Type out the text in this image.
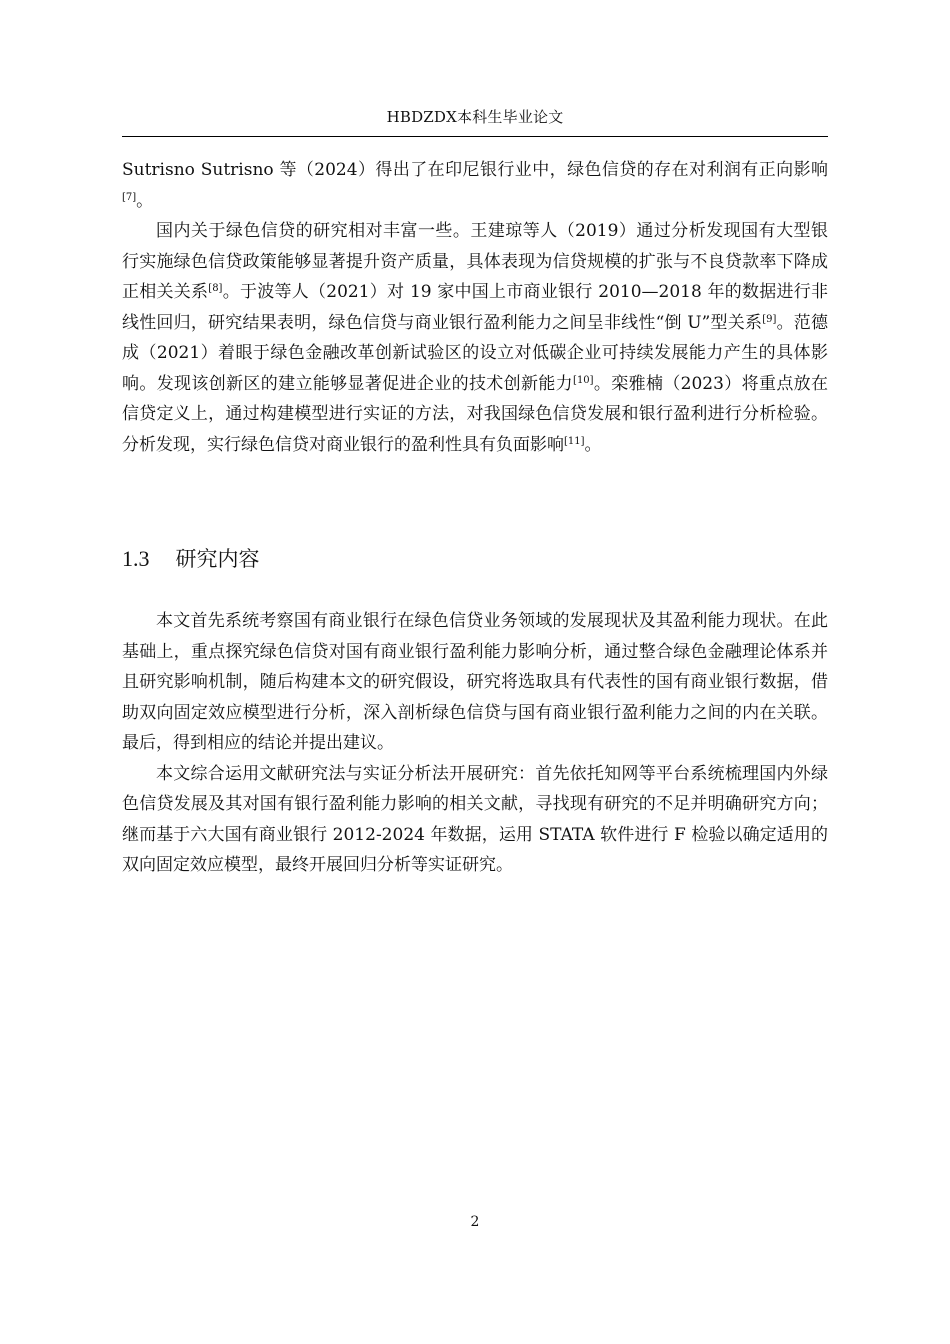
HBDZDX本科生毕业论文

Sutrisno Sutrisno 等（2024）得出了在印尼银行业中，绿色信贷的存在对利润有正向影响[7]。

国内关于绿色信贷的研究相对丰富一些。王建琼等人（2019）通过分析发现国有大型银行实施绿色信贷政策能够显著提升资产质量，具体表现为信贷规模的扩张与不良贷款率下降成正相关关系[8]。于波等人（2021）对 19 家中国上市商业银行 2010—2018 年的数据进行非线性回归，研究结果表明，绿色信贷与商业银行盈利能力之间呈非线性“倒 U”型关系[9]。范德成（2021）着眼于绿色金融改革创新试验区的设立对低碳企业可持续发展能力产生的具体影响。发现该创新区的建立能够显著促进企业的技术创新能力[10]。栾雅楠（2023）将重点放在信贷定义上，通过构建模型进行实证的方法，对我国绿色信贷发展和银行盈利进行分析检验。分析发现，实行绿色信贷对商业银行的盈利性具有负面影响[11]。

1.3 研究内容

本文首先系统考察国有商业银行在绿色信贷业务领域的发展现状及其盈利能力现状。在此基础上，重点探究绿色信贷对国有商业银行盈利能力影响分析，通过整合绿色金融理论体系并且研究影响机制，随后构建本文的研究假设，研究将选取具有代表性的国有商业银行数据，借助双向固定效应模型进行分析，深入剖析绿色信贷与国有商业银行盈利能力之间的内在关联。最后，得到相应的结论并提出建议。

本文综合运用文献研究法与实证分析法开展研究：首先依托知网等平台系统梳理国内外绿色信贷发展及其对国有银行盈利能力影响的相关文献，寻找现有研究的不足并明确研究方向；继而基于六大国有商业银行 2012-2024 年数据，运用 STATA 软件进行 F 检验以确定适用的双向固定效应模型，最终开展回归分析等实证研究。

2
